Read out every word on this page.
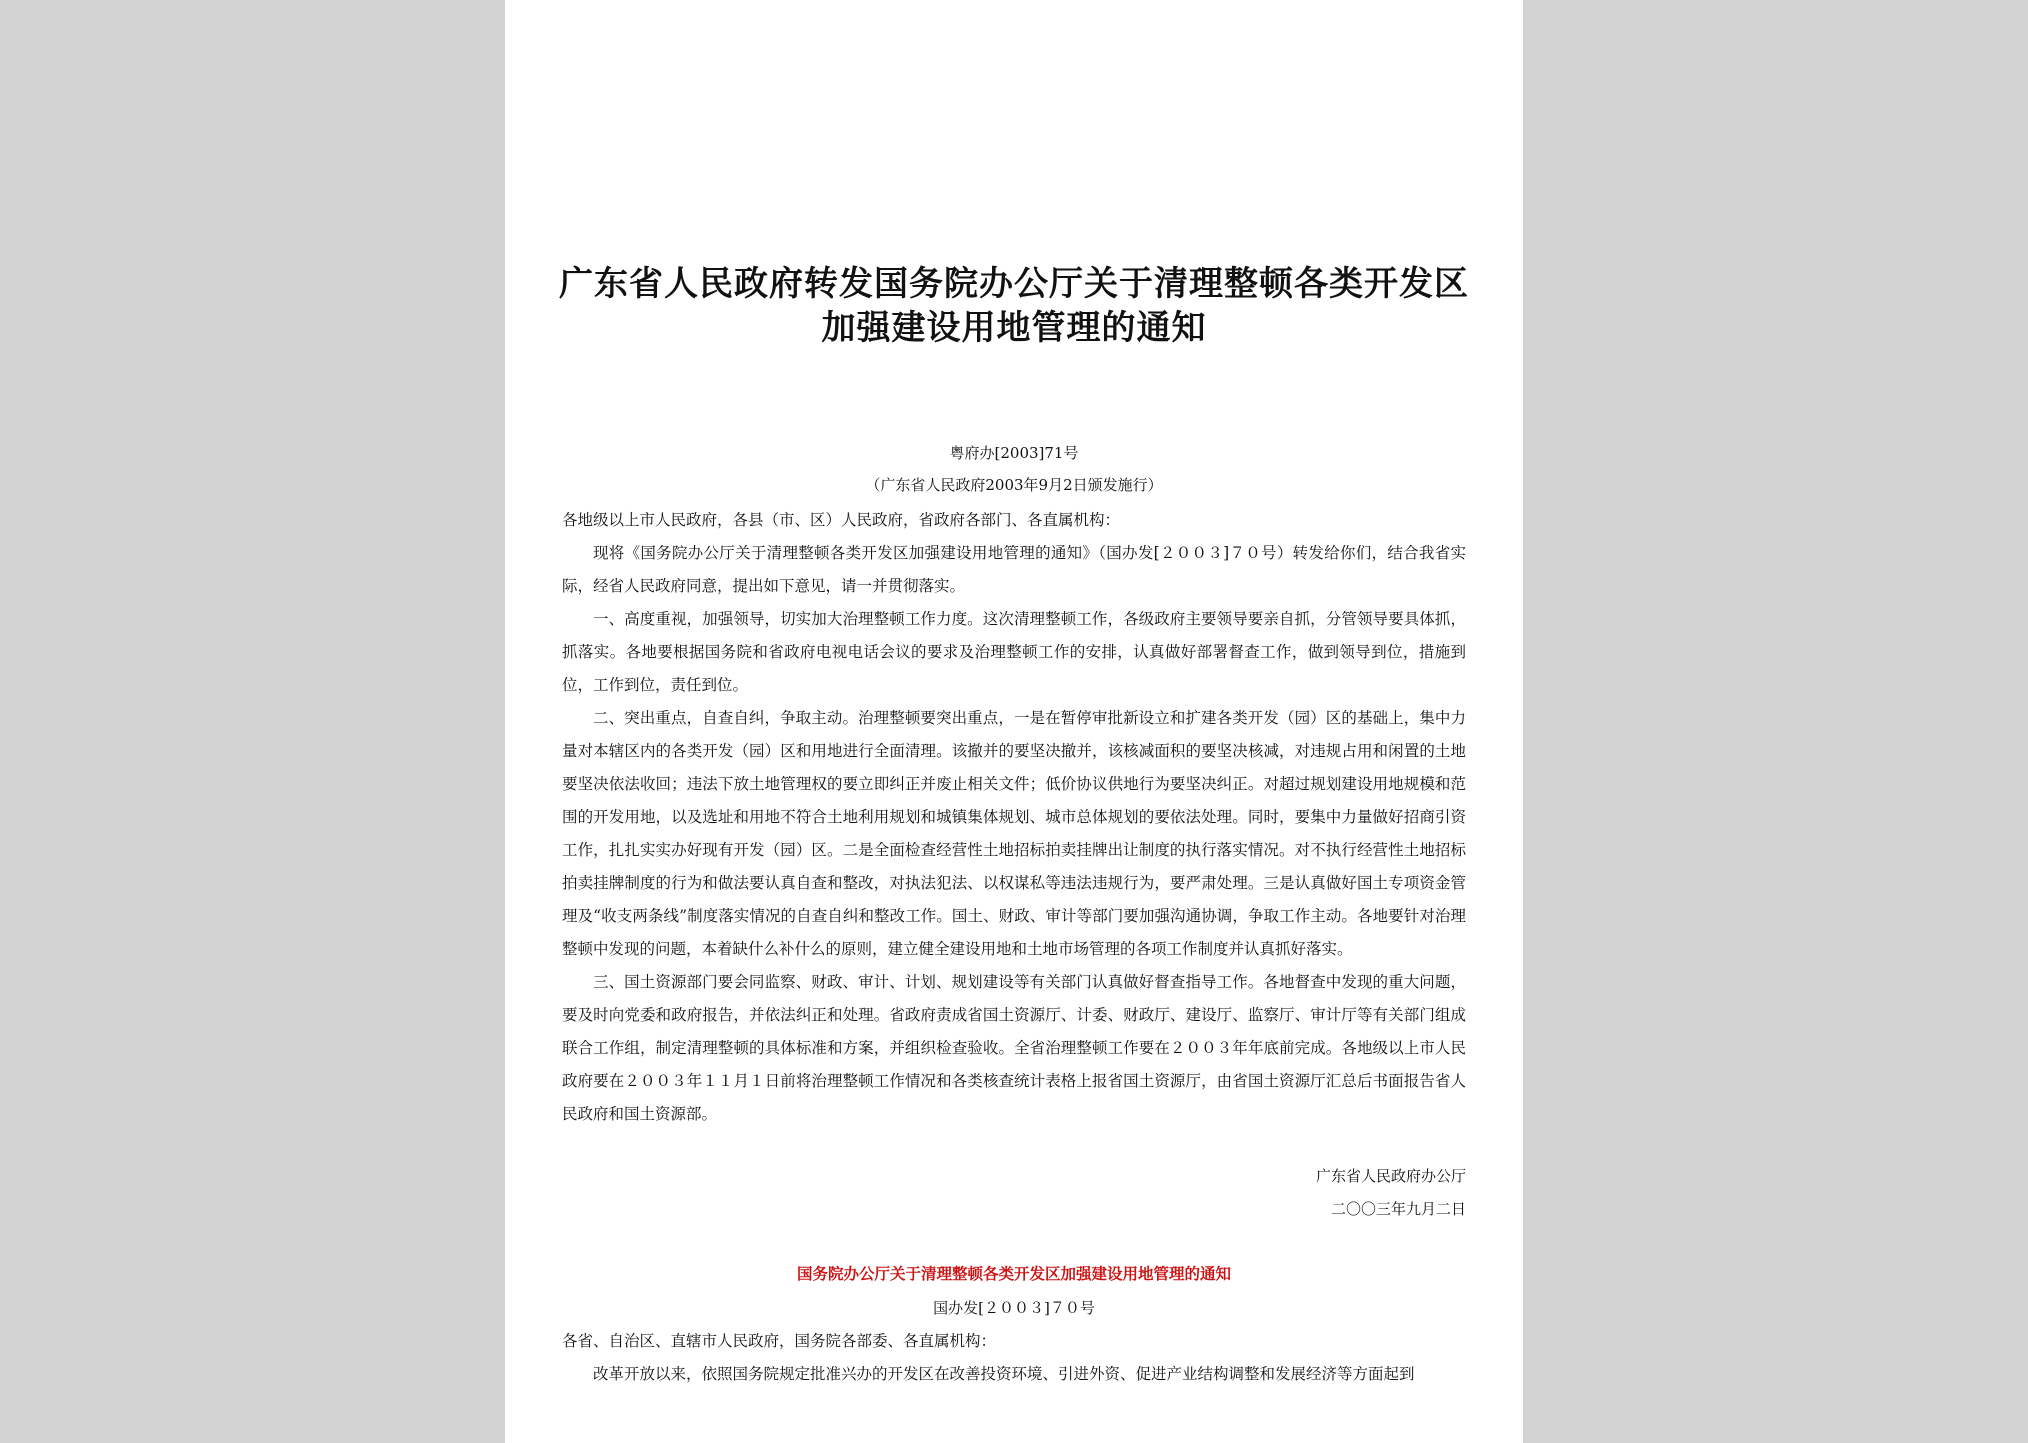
广东省人民政府转发国务院办公厅关于清理整顿各类开发区加强建设用地管理的通知
粤府办[2003]71号
（广东省人民政府2003年9月2日颁发施行）

各地级以上市人民政府，各县（市、区）人民政府，省政府各部门、各直属机构：

现将《国务院办公厅关于清理整顿各类开发区加强建设用地管理的通知》（国办发[２００３]７０号）转发给你们，结合我省实际，经省人民政府同意，提出如下意见，请一并贯彻落实。

一、高度重视，加强领导，切实加大治理整顿工作力度。这次清理整顿工作，各级政府主要领导要亲自抓，分管领导要具体抓，抓落实。各地要根据国务院和省政府电视电话会议的要求及治理整顿工作的安排，认真做好部署督查工作，做到领导到位，措施到位，工作到位，责任到位。

二、突出重点，自查自纠，争取主动。治理整顿要突出重点，一是在暂停审批新设立和扩建各类开发（园）区的基础上，集中力量对本辖区内的各类开发（园）区和用地进行全面清理。该撤并的要坚决撤并，该核减面积的要坚决核减，对违规占用和闲置的土地要坚决依法收回；违法下放土地管理权的要立即纠正并废止相关文件；低价协议供地行为要坚决纠正。对超过规划建设用地规模和范围的开发用地，以及选址和用地不符合土地利用规划和城镇集体规划、城市总体规划的要依法处理。同时，要集中力量做好招商引资工作，扎扎实实办好现有开发（园）区。二是全面检查经营性土地招标拍卖挂牌出让制度的执行落实情况。对不执行经营性土地招标拍卖挂牌制度的行为和做法要认真自查和整改，对执法犯法、以权谋私等违法违规行为，要严肃处理。三是认真做好国土专项资金管理及“收支两条线”制度落实情况的自查自纠和整改工作。国土、财政、审计等部门要加强沟通协调，争取工作主动。各地要针对治理整顿中发现的问题，本着缺什么补什么的原则，建立健全建设用地和土地市场管理的各项工作制度并认真抓好落实。

三、国土资源部门要会同监察、财政、审计、计划、规划建设等有关部门认真做好督查指导工作。各地督查中发现的重大问题，要及时向党委和政府报告，并依法纠正和处理。省政府责成省国土资源厅、计委、财政厅、建设厅、监察厅、审计厅等有关部门组成联合工作组，制定清理整顿的具体标准和方案，并组织检查验收。全省治理整顿工作要在２００３年年底前完成。各地级以上市人民政府要在２００３年１１月１日前将治理整顿工作情况和各类核查统计表格上报省国土资源厅，由省国土资源厅汇总后书面报告省人民政府和国土资源部。

广东省人民政府办公厅
二〇〇三年九月二日
国务院办公厅关于清理整顿各类开发区加强建设用地管理的通知
国办发[２００３]７０号

各省、自治区、直辖市人民政府，国务院各部委、各直属机构：

改革开放以来，依照国务院规定批准兴办的开发区在改善投资环境、引进外资、促进产业结构调整和发展经济等方面起到
